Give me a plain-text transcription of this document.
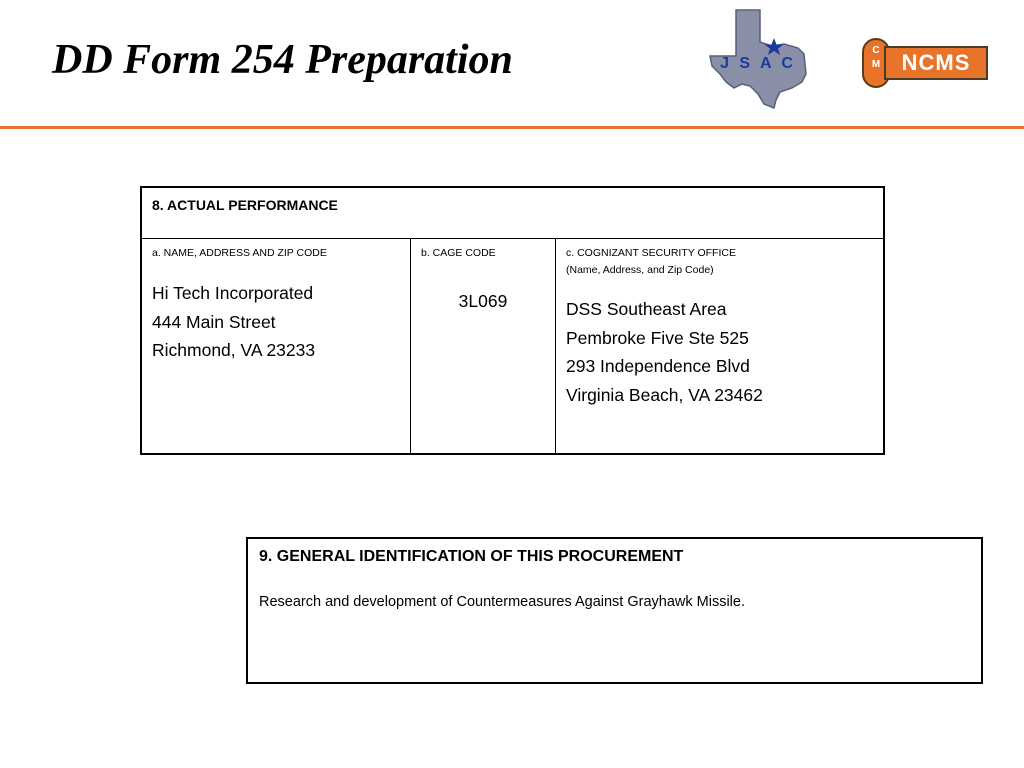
DD Form 254 Preparation	J S A C
C
M NCMS
8. ACTUAL PERFORMANCE
a. NAME, ADDRESS AND ZIP CODE
Hi Tech Incorporated
444 Main Street
Richmond, VA 23233
b. CAGE CODE
3L069
c. COGNIZANT SECURITY OFFICE
(Name, Address, and Zip Code)
DSS Southeast Area
Pembroke Five Ste 525
293 Independence Blvd
Virginia Beach, VA 23462
9. GENERAL IDENTIFICATION OF THIS PROCUREMENT
Research and development of Countermeasures Against Grayhawk Missile.
